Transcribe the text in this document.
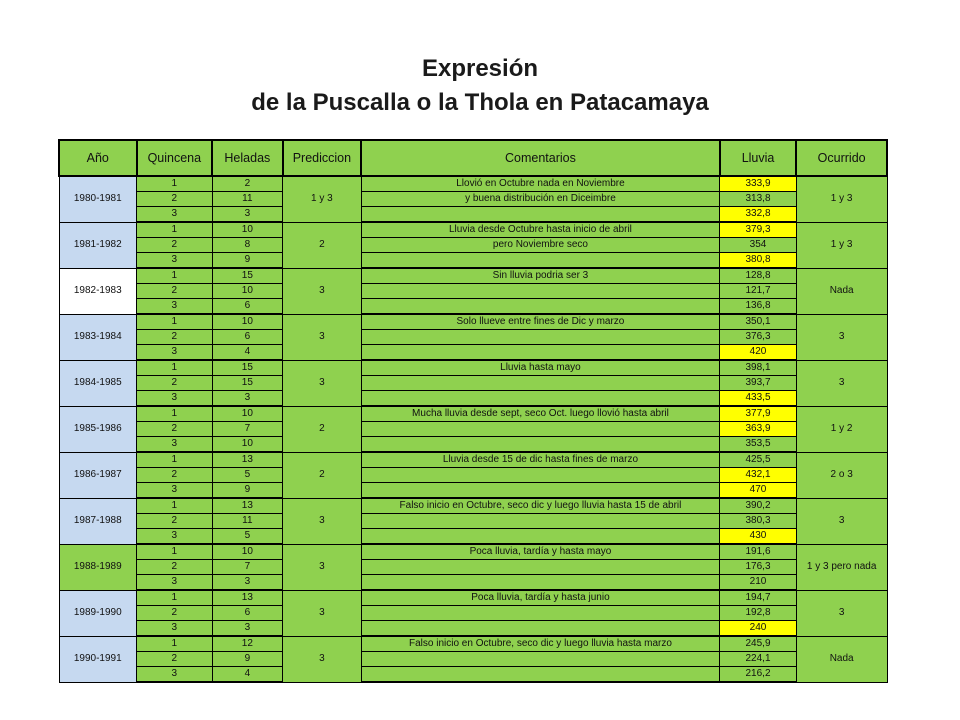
Expresión
de la Puscalla o la Thola en Patacamaya
Año	Quincena	Heladas	Prediccion	Comentarios	Lluvia	Ocurrido
1980-1981	1	2	1 y 3	Llovió en Octubre nada en Noviembre	333,9	1 y 3
	2	11		y buena distribución en Diceimbre	313,8	
	3	3			332,8	
1981-1982	1	10	2	Lluvia desde Octubre hasta inicio de abril	379,3	1 y 3
	2	8		pero Noviembre seco	354	
	3	9			380,8	
1982-1983	1	15	3	Sin lluvia podria ser 3	128,8	Nada
	2	10			121,7	
	3	6			136,8	
1983-1984	1	10	3	Solo llueve entre fines de Dic y marzo	350,1	3
	2	6			376,3	
	3	4			420	
1984-1985	1	15	3	Lluvia hasta mayo	398,1	3
	2	15			393,7	
	3	3			433,5	
1985-1986	1	10	2	Mucha lluvia desde sept, seco Oct. luego llovió hasta abril	377,9	1 y 2
	2	7			363,9	
	3	10			353,5	
1986-1987	1	13	2	Lluvia desde 15 de dic hasta fines de marzo	425,5	2 o 3
	2	5			432,1	
	3	9			470	
1987-1988	1	13	3	Falso inicio en Octubre, seco dic y luego lluvia hasta 15 de abril	390,2	3
	2	11			380,3	
	3	5			430	
1988-1989	1	10	3	Poca lluvia, tardía y hasta mayo	191,6	1 y 3 pero nada
	2	7			176,3	
	3	3			210	
1989-1990	1	13	3	Poca lluvia, tardía y hasta junio	194,7	3
	2	6			192,8	
	3	3			240	
1990-1991	1	12	3	Falso inicio en Octubre, seco dic y luego lluvia hasta marzo	245,9	Nada
	2	9			224,1	
	3	4			216,2	
